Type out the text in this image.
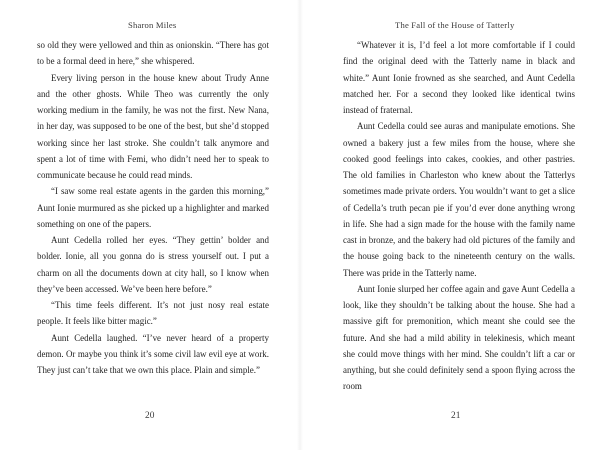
Sharon Miles

so old they were yellowed and thin as onionskin. “There has got to be a formal deed in here,” she whispered.

Every living person in the house knew about Trudy Anne and the other ghosts. While Theo was currently the only working medium in the family, he was not the first. New Nana, in her day, was supposed to be one of the best, but she’d stopped working since her last stroke. She couldn’t talk anymore and spent a lot of time with Femi, who didn’t need her to speak to communicate because he could read minds.

“I saw some real estate agents in the garden this morning,” Aunt Ionie murmured as she picked up a highlighter and marked something on one of the papers.

Aunt Cedella rolled her eyes. “They gettin’ bolder and bolder. Ionie, all you gonna do is stress yourself out. I put a charm on all the documents down at city hall, so I know when they’ve been accessed. We’ve been here before.”

“This time feels different. It’s not just nosy real estate people. It feels like bitter magic.”

Aunt Cedella laughed. “I’ve never heard of a property demon. Or maybe you think it’s some civil law evil eye at work. They just can’t take that we own this place. Plain and simple.”

20
The Fall of the House of Tatterly

“Whatever it is, I’d feel a lot more comfortable if I could find the original deed with the Tatterly name in black and white.” Aunt Ionie frowned as she searched, and Aunt Cedella matched her. For a second they looked like identical twins instead of fraternal.

Aunt Cedella could see auras and manipulate emotions. She owned a bakery just a few miles from the house, where she cooked good feelings into cakes, cookies, and other pastries. The old families in Charleston who knew about the Tatterlys sometimes made private orders. You wouldn’t want to get a slice of Cedella’s truth pecan pie if you’d ever done anything wrong in life. She had a sign made for the house with the family name cast in bronze, and the bakery had old pictures of the family and the house going back to the nineteenth century on the walls. There was pride in the Tatterly name.

Aunt Ionie slurped her coffee again and gave Aunt Cedella a look, like they shouldn’t be talking about the house. She had a massive gift for premonition, which meant she could see the future. And she had a mild ability in telekinesis, which meant she could move things with her mind. She couldn’t lift a car or anything, but she could definitely send a spoon flying across the room

21
